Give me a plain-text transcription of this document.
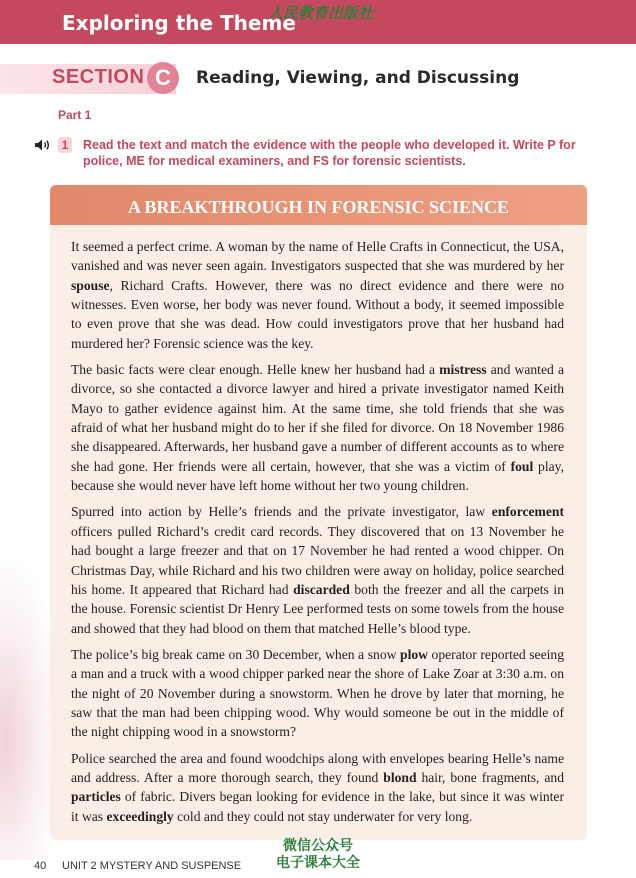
Exploring the Theme
人民教育出版社
SECTION C	Reading, Viewing, and Discussing
Part 1
1 Read the text and match the evidence with the people who developed it. Write P for police, ME for medical examiners, and FS for forensic scientists.
A BREAKTHROUGH IN FORENSIC SCIENCE

It seemed a perfect crime. A woman by the name of Helle Crafts in Connecticut, the USA, vanished and was never seen again. Investigators suspected that she was murdered by her spouse, Richard Crafts. However, there was no direct evidence and there were no witnesses. Even worse, her body was never found. Without a body, it seemed impossible to even prove that she was dead. How could investigators prove that her husband had murdered her? Forensic science was the key.

The basic facts were clear enough. Helle knew her husband had a mistress and wanted a divorce, so she contacted a divorce lawyer and hired a private investigator named Keith Mayo to gather evidence against him. At the same time, she told friends that she was afraid of what her husband might do to her if she filed for divorce. On 18 November 1986 she disappeared. Afterwards, her husband gave a number of different accounts as to where she had gone. Her friends were all certain, however, that she was a victim of foul play, because she would never have left home without her two young children.

Spurred into action by Helle’s friends and the private investigator, law enforcement officers pulled Richard’s credit card records. They discovered that on 13 November he had bought a large freezer and that on 17 November he had rented a wood chipper. On Christmas Day, while Richard and his two children were away on holiday, police searched his home. It appeared that Richard had discarded both the freezer and all the carpets in the house. Forensic scientist Dr Henry Lee performed tests on some towels from the house and showed that they had blood on them that matched Helle’s blood type.

The police’s big break came on 30 December, when a snow plow operator reported seeing a man and a truck with a wood chipper parked near the shore of Lake Zoar at 3:30 a.m. on the night of 20 November during a snowstorm. When he drove by later that morning, he saw that the man had been chipping wood. Why would someone be out in the middle of the night chipping wood in a snowstorm?

Police searched the area and found woodchips along with envelopes bearing Helle’s name and address. After a more thorough search, they found blond hair, bone fragments, and particles of fabric. Divers began looking for evidence in the lake, but since it was winter it was exceedingly cold and they could not stay underwater for very long.

40 UNIT 2 MYSTERY AND SUSPENSE
微信公众号
电子课本大全
